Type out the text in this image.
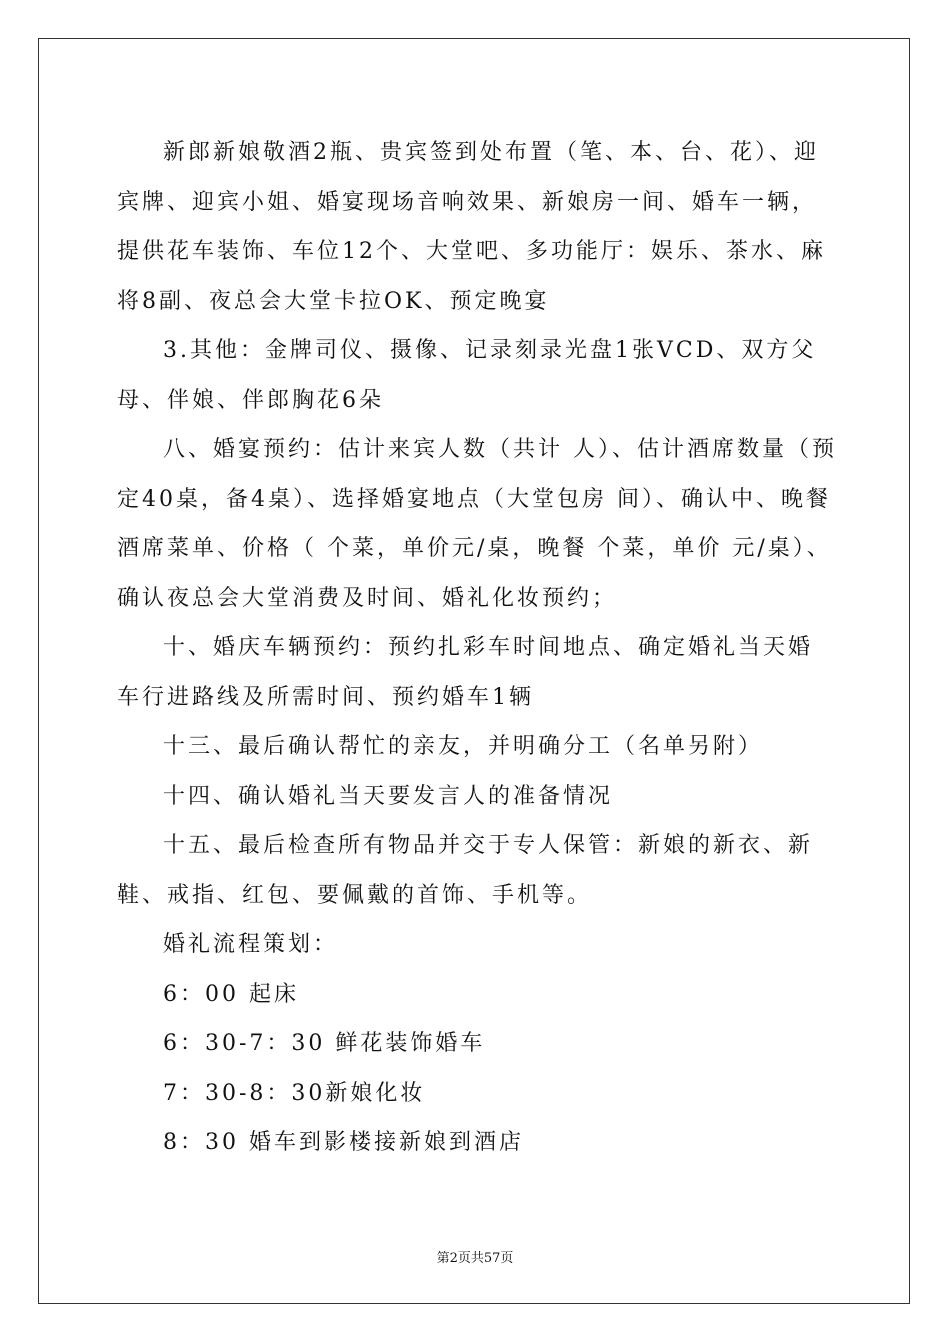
新郎新娘敬酒2瓶、贵宾签到处布置（笔、本、台、花）、迎宾牌、迎宾小姐、婚宴现场音响效果、新娘房一间、婚车一辆，提供花车装饰、车位12个、大堂吧、多功能厅：娱乐、茶水、麻将8副、夜总会大堂卡拉OK、预定晚宴

3.其他：金牌司仪、摄像、记录刻录光盘1张VCD、双方父母、伴娘、伴郎胸花6朵

八、婚宴预约：估计来宾人数（共计 人）、估计酒席数量（预定40桌，备4桌）、选择婚宴地点（大堂包房 间）、确认中、晚餐酒席菜单、价格（ 个菜，单价元/桌，晚餐 个菜，单价 元/桌）、确认夜总会大堂消费及时间、婚礼化妆预约；

十、婚庆车辆预约：预约扎彩车时间地点、确定婚礼当天婚车行进路线及所需时间、预约婚车1辆

十三、最后确认帮忙的亲友，并明确分工（名单另附）

十四、确认婚礼当天要发言人的准备情况

十五、最后检查所有物品并交于专人保管：新娘的新衣、新鞋、戒指、红包、要佩戴的首饰、手机等。

婚礼流程策划：

6：00 起床

6：30-7：30 鲜花装饰婚车

7：30-8：30新娘化妆

8：30 婚车到影楼接新娘到酒店

第2页共57页
